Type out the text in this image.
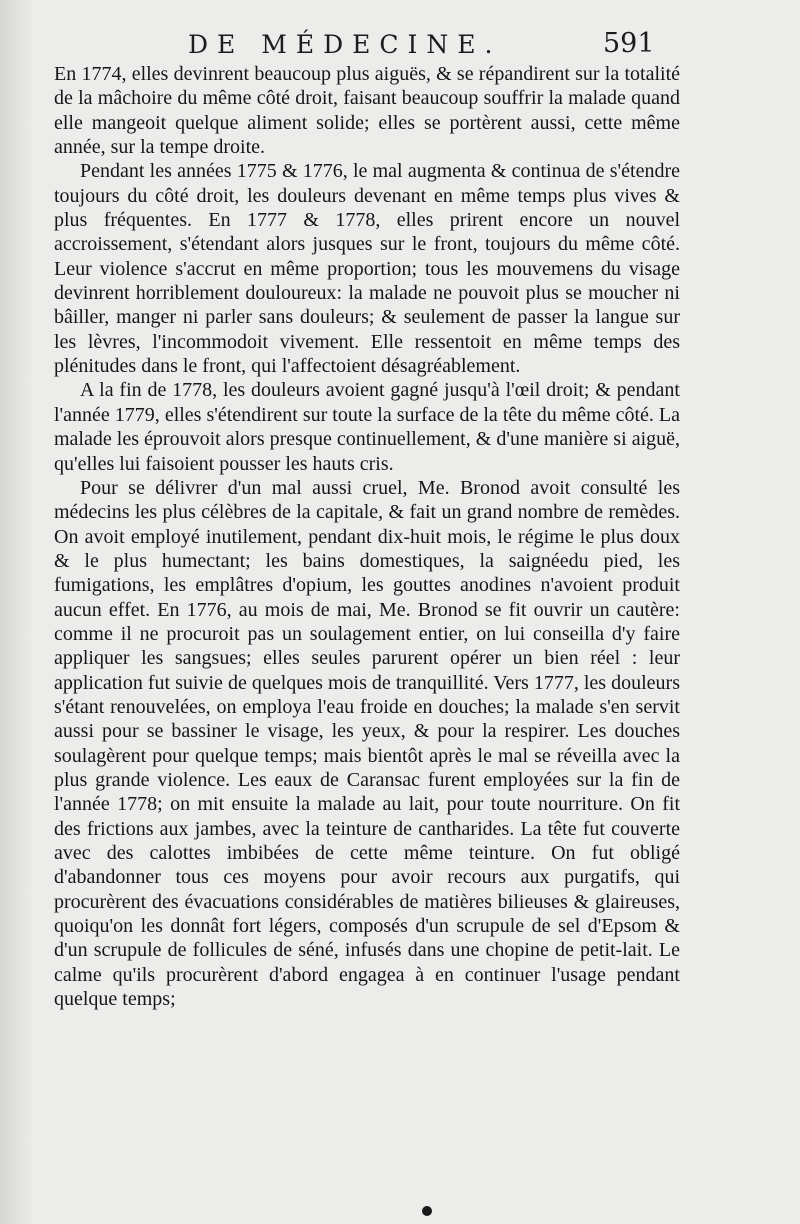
DE MÉDECINE.	591

En 1774, elles devinrent beaucoup plus aiguës, & se répandirent sur la totalité de la mâchoire du même côté droit, faisant beaucoup souffrir la malade quand elle mangeoit quelque aliment solide; elles se portèrent aussi, cette même année, sur la tempe droite.

Pendant les années 1775 & 1776, le mal augmenta & continua de s'étendre toujours du côté droit, les douleurs devenant en même temps plus vives & plus fréquentes. En 1777 & 1778, elles prirent encore un nouvel accroissement, s'étendant alors jusques sur le front, toujours du même côté. Leur violence s'accrut en même proportion; tous les mouvemens du visage devinrent horriblement douloureux: la malade ne pouvoit plus se moucher ni bâiller, manger ni parler sans douleurs; & seulement de passer la langue sur les lèvres, l'incommodoit vivement. Elle ressentoit en même temps des plénitudes dans le front, qui l'affectoient désagréablement.

A la fin de 1778, les douleurs avoient gagné jusqu'à l'œil droit; & pendant l'année 1779, elles s'étendirent sur toute la surface de la tête du même côté. La malade les éprouvoit alors presque continuellement, & d'une manière si aiguë, qu'elles lui faisoient pousser les hauts cris.

Pour se délivrer d'un mal aussi cruel, Me. Bronod avoit consulté les médecins les plus célèbres de la capitale, & fait un grand nombre de remèdes. On avoit employé inutilement, pendant dix-huit mois, le régime le plus doux & le plus humectant; les bains domestiques, la saignéedu pied, les fumigations, les emplâtres d'opium, les gouttes anodines n'avoient produit aucun effet. En 1776, au mois de mai, Me. Bronod se fit ouvrir un cautère: comme il ne procuroit pas un soulagement entier, on lui conseilla d'y faire appliquer les sangsues; elles seules parurent opérer un bien réel : leur application fut suivie de quelques mois de tranquillité. Vers 1777, les douleurs s'étant renouvelées, on employa l'eau froide en douches; la malade s'en servit aussi pour se bassiner le visage, les yeux, & pour la respirer. Les douches soulagèrent pour quelque temps; mais bientôt après le mal se réveilla avec la plus grande violence. Les eaux de Caransac furent employées sur la fin de l'année 1778; on mit ensuite la malade au lait, pour toute nourriture. On fit des frictions aux jambes, avec la teinture de cantharides. La tête fut couverte avec des calottes imbibées de cette même teinture. On fut obligé d'abandonner tous ces moyens pour avoir recours aux purgatifs, qui procurèrent des évacuations considérables de matières bilieuses & glaireuses, quoiqu'on les donnât fort légers, composés d'un scrupule de sel d'Epsom & d'un scrupule de follicules de séné, infusés dans une chopine de petit-lait. Le calme qu'ils procurèrent d'abord engagea à en continuer l'usage pendant quelque temps;
